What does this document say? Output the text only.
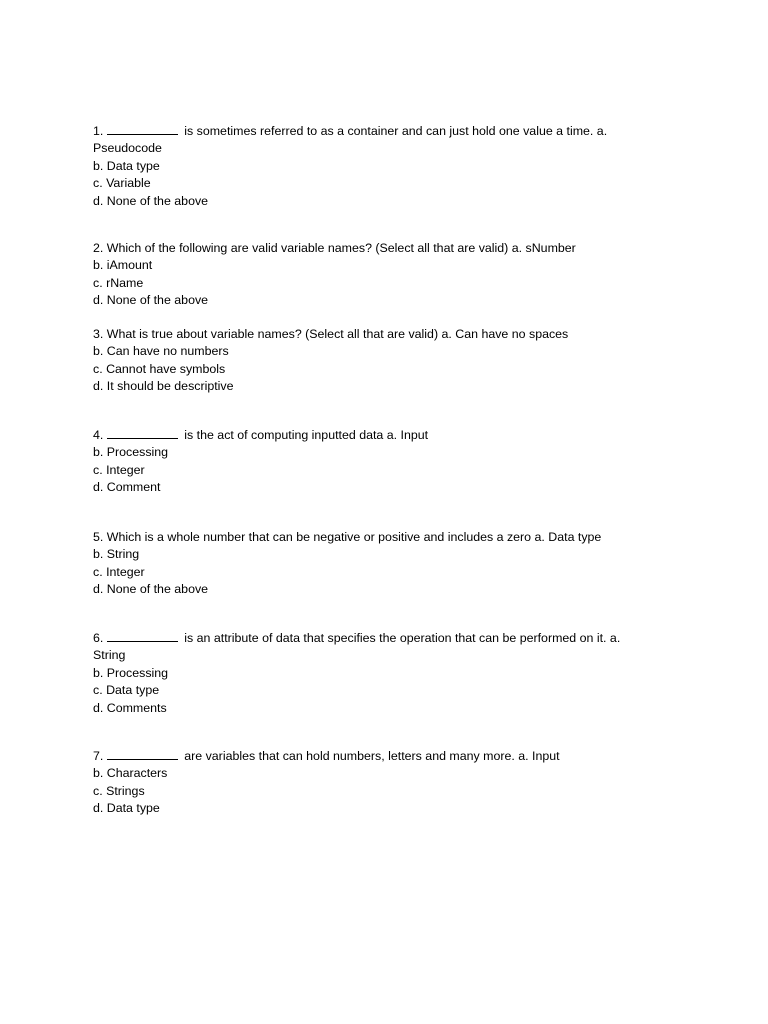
1.	is sometimes referred to as a container and can just hold one value a time. a.
Pseudocode
b. Data type
c. Variable
d. None of the above
2. Which of the following are valid variable names? (Select all that are valid) a. sNumber
b. iAmount
c. rName
d. None of the above
3. What is true about variable names? (Select all that are valid) a. Can have no spaces
b. Can have no numbers
c. Cannot have symbols
d. It should be descriptive
4.	is the act of computing inputted data a. Input
b. Processing
c. Integer
d. Comment
5. Which is a whole number that can be negative or positive and includes a zero a. Data type
b. String
c. Integer
d. None of the above
6.	is an attribute of data that specifies the operation that can be performed on it. a.
String
b. Processing
c. Data type
d. Comments
7.	are variables that can hold numbers, letters and many more. a. Input
b. Characters
c. Strings
d. Data type
